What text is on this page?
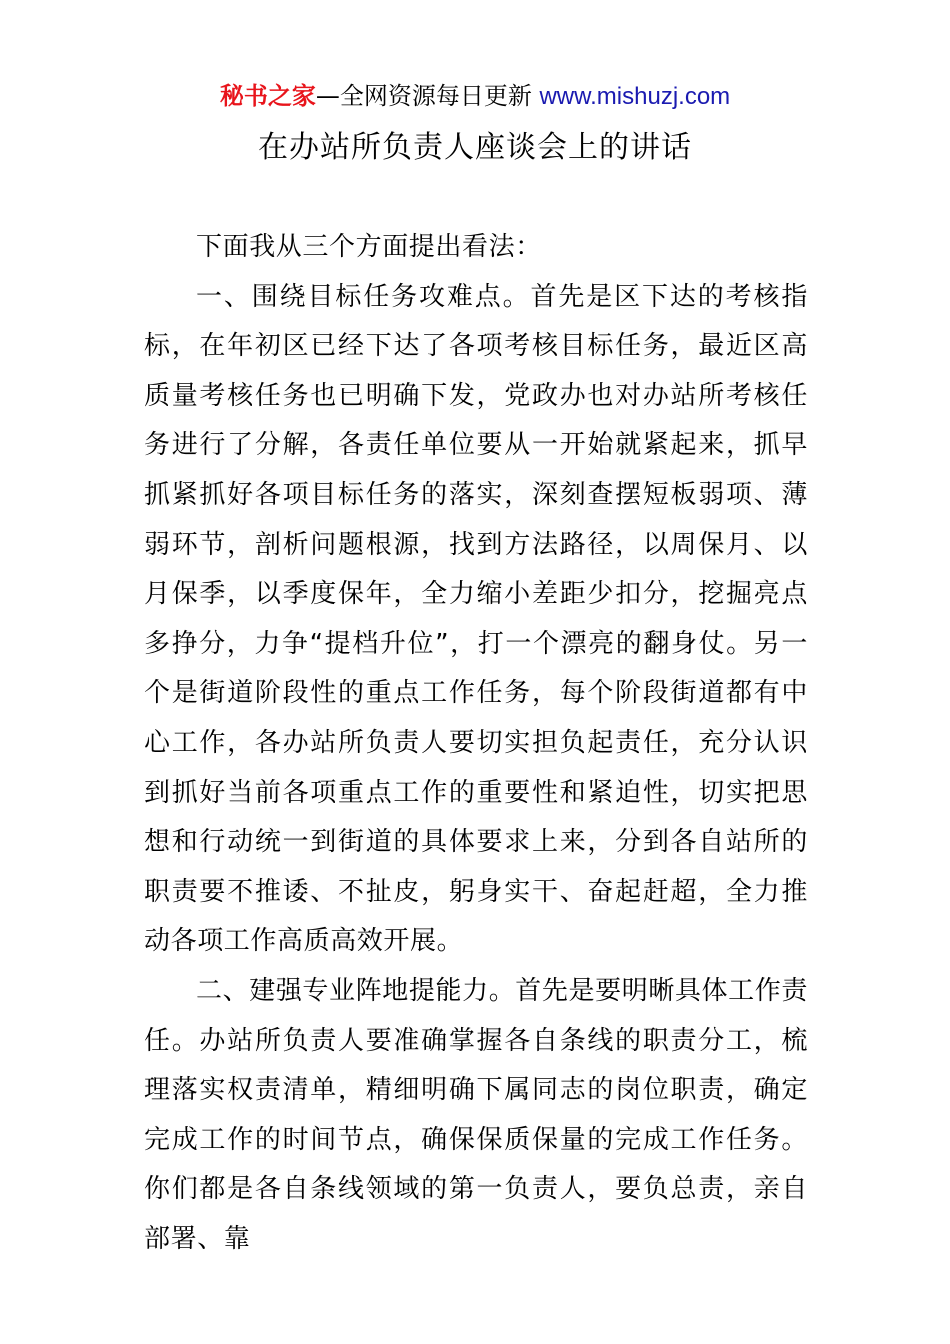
秘书之家—全网资源每日更新 www.mishuzj.com
在办站所负责人座谈会上的讲话

下面我从三个方面提出看法：

一、围绕目标任务攻难点。首先是区下达的考核指标，在年初区已经下达了各项考核目标任务，最近区高质量考核任务也已明确下发，党政办也对办站所考核任务进行了分解，各责任单位要从一开始就紧起来，抓早抓紧抓好各项目标任务的落实，深刻查摆短板弱项、薄弱环节，剖析问题根源，找到方法路径，以周保月、以月保季，以季度保年，全力缩小差距少扣分，挖掘亮点多挣分，力争“提档升位”，打一个漂亮的翻身仗。另一个是街道阶段性的重点工作任务，每个阶段街道都有中心工作，各办站所负责人要切实担负起责任，充分认识到抓好当前各项重点工作的重要性和紧迫性，切实把思想和行动统一到街道的具体要求上来，分到各自站所的职责要不推诿、不扯皮，躬身实干、奋起赶超，全力推动各项工作高质高效开展。

二、建强专业阵地提能力。首先是要明晰具体工作责任。办站所负责人要准确掌握各自条线的职责分工，梳理落实权责清单，精细明确下属同志的岗位职责，确定完成工作的时间节点，确保保质保量的完成工作任务。你们都是各自条线领域的第一负责人，要负总责，亲自部署、靠
